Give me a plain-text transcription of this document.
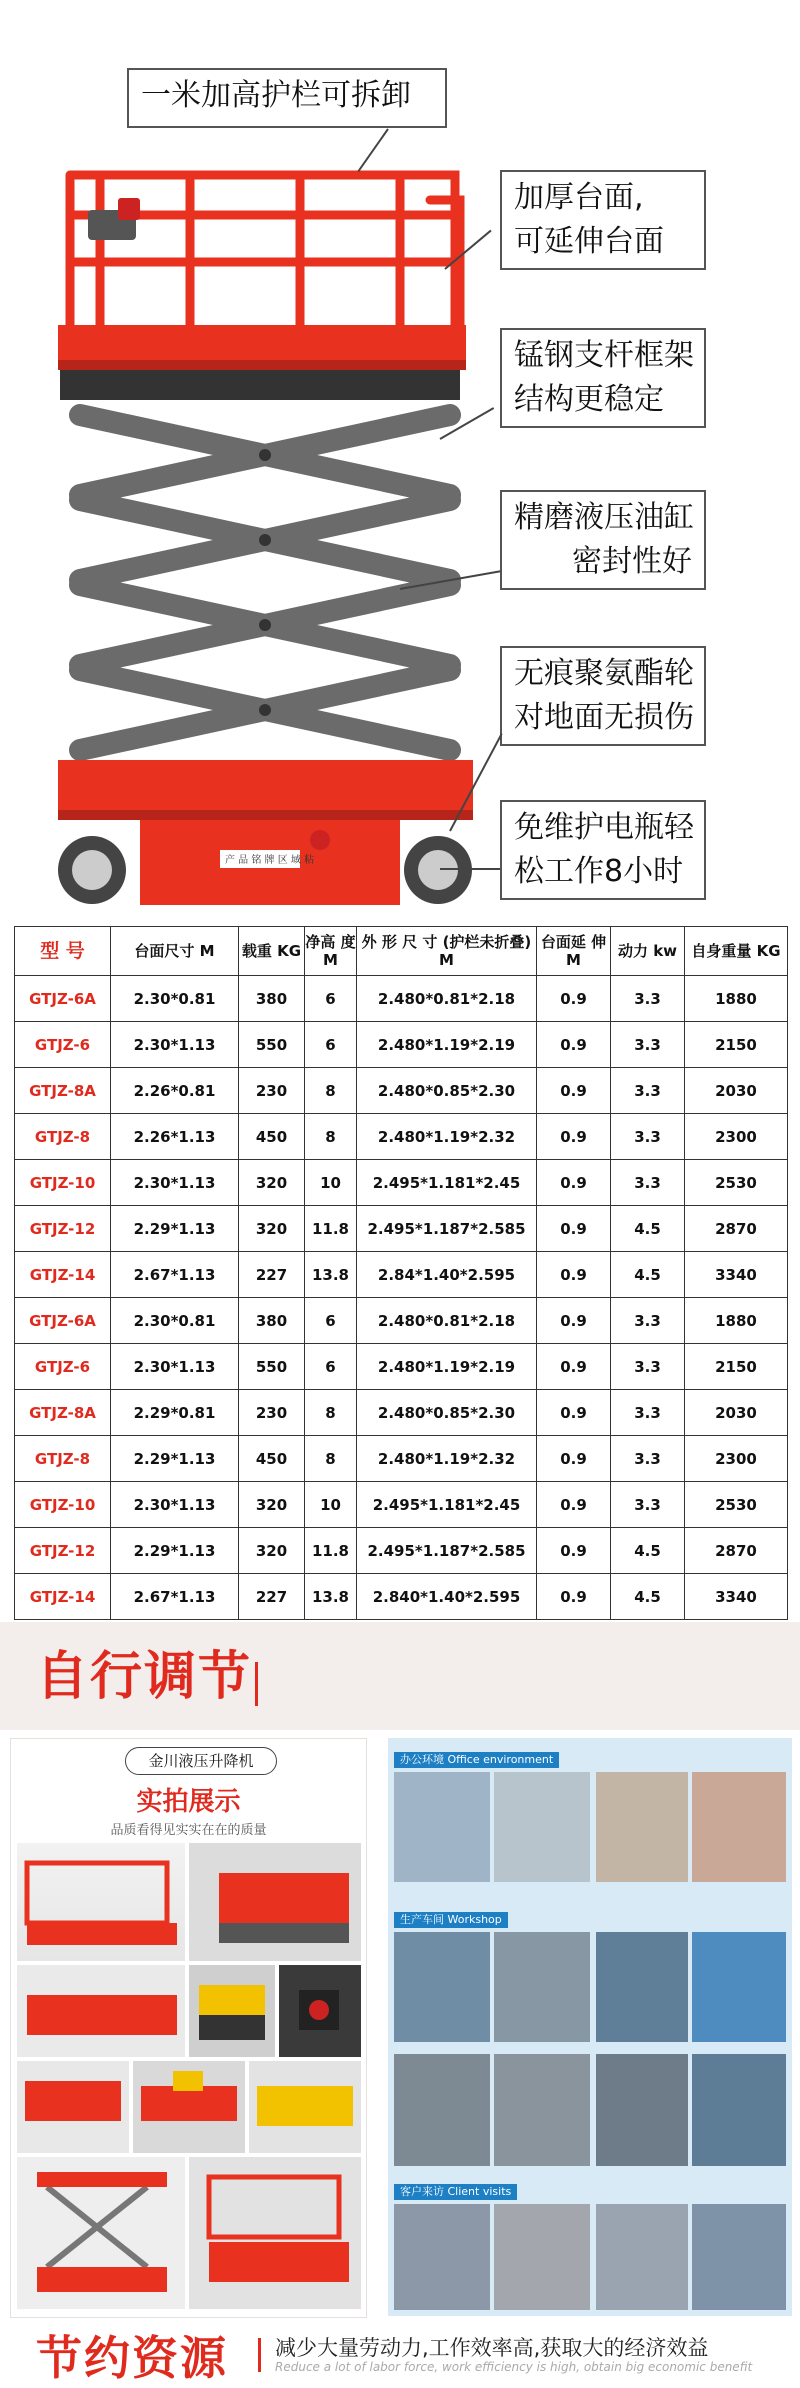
产 品 铭 牌 区 域 粘
一米加高护栏可拆卸
加厚台面,
可延伸台面
锰钢支杆框架
结构更稳定
精磨液压油缸
密封性好
无痕聚氨酯轮
对地面无损伤
免维护电瓶轻
松工作8小时
型 号	台面尺寸 M	载重 KG	净高 度 M	外 形 尺 寸 (护栏未折叠) M	台面延 伸 M	动力 kw	自身重量 KG
GTJZ-6A	2.30*0.81	380	6	2.480*0.81*2.18	0.9	3.3	1880
GTJZ-6	2.30*1.13	550	6	2.480*1.19*2.19	0.9	3.3	2150
GTJZ-8A	2.26*0.81	230	8	2.480*0.85*2.30	0.9	3.3	2030
GTJZ-8	2.26*1.13	450	8	2.480*1.19*2.32	0.9	3.3	2300
GTJZ-10	2.30*1.13	320	10	2.495*1.181*2.45	0.9	3.3	2530
GTJZ-12	2.29*1.13	320	11.8	2.495*1.187*2.585	0.9	4.5	2870
GTJZ-14	2.67*1.13	227	13.8	2.84*1.40*2.595	0.9	4.5	3340
GTJZ-6A	2.30*0.81	380	6	2.480*0.81*2.18	0.9	3.3	1880
GTJZ-6	2.30*1.13	550	6	2.480*1.19*2.19	0.9	3.3	2150
GTJZ-8A	2.29*0.81	230	8	2.480*0.85*2.30	0.9	3.3	2030
GTJZ-8	2.29*1.13	450	8	2.480*1.19*2.32	0.9	3.3	2300
GTJZ-10	2.30*1.13	320	10	2.495*1.181*2.45	0.9	3.3	2530
GTJZ-12	2.29*1.13	320	11.8	2.495*1.187*2.585	0.9	4.5	2870
GTJZ-14	2.67*1.13	227	13.8	2.840*1.40*2.595	0.9	4.5	3340
自行调节
金川液压升降机
实拍展示
品质看得见实实在在的质量
办公环境 Office environment
生产车间 Workshop
客户来访 Client visits
节约资源 减少大量劳动力,工作效率高,获取大的经济效益
Reduce a lot of labor force, work efficiency is high, obtain big economic benefit
